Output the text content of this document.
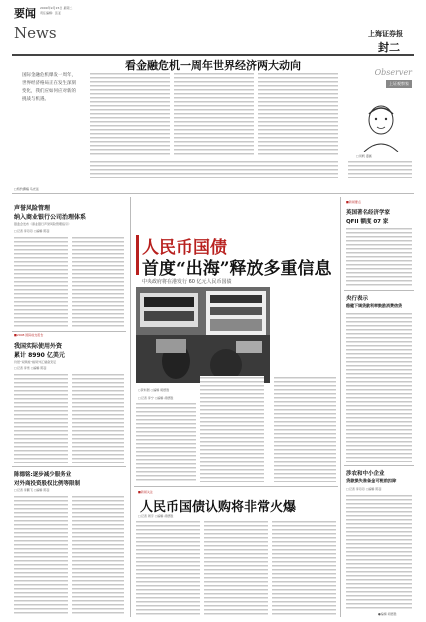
要闻 2009年9月15日 星期二
责任编辑：张亚
News	上海证券报
封二
看金融危机一周年世界经济两大动向
国际金融危机爆发一周年，世界经济格局正在发生深刻变化，我们应如何应对新的挑战与机遇。
Observer
上证观察家
□何帆 漫画
□特约撰稿 马光远
声誉风险管理
纳入商业银行公司治理体系
银监会发布《商业银行声誉风险管理指引》
□记者 李丹丹 ○编辑 陈羽
■2008 国际收支报告
我国实际使用外资
累计 8990 亿美元
仍居“双顺差”格局外汇储备充足
□记者 李雪 ○编辑 陈羽
陈德铭:逐步减少服务业
对外商投资股权比例等限制
□记者 李鹏飞 ○编辑 陈羽
人民币国债
首度“出海”释放多重信息
中央政府将在港发行 60 亿元人民币国债
○资料图 ○编辑 胡德胜
□记者 李宁 ○编辑 胡德胜
■新闻关注
人民币国债认购将非常火爆
□记者 周宇 ○编辑 胡德胜
■新闻要点
英国著名经济学家
QFII 额度 07 家
央行表示
稳健下调贷款利率鼓励消费信贷
涉农和中小企业
贷款损失准备金可税前扣除
□记者 李丹丹 ○编辑 陈羽
●编辑 胡德胜
